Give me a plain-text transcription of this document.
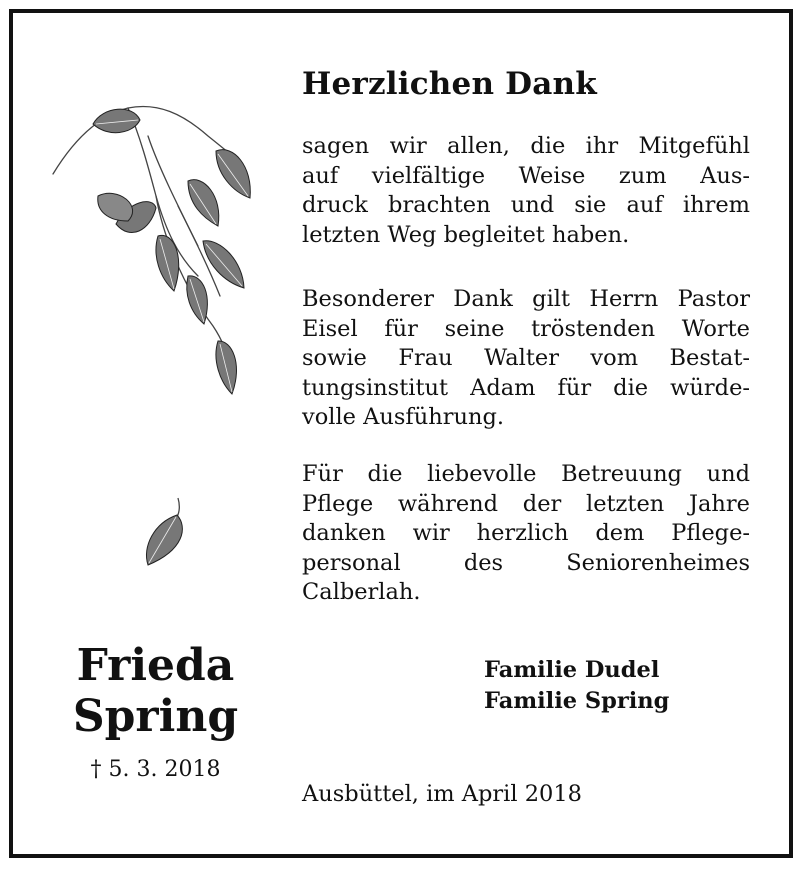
Frieda
Spring
† 5. 3. 2018
Herzlichen Dank
sagen wir allen, die ihr Mitgefühl
auf vielfältige Weise zum Aus-
druck brachten und sie auf ihrem
letzten Weg begleitet haben.
Besonderer Dank gilt Herrn Pastor
Eisel für seine tröstenden Worte
sowie Frau Walter vom Bestat-
tungsinstitut Adam für die würde-
volle Ausführung.
Für die liebevolle Betreuung und
Pflege während der letzten Jahre
danken wir herzlich dem Pflege-
personal des Seniorenheimes
Calberlah.
Familie Dudel
Familie Spring
Ausbüttel, im April 2018
